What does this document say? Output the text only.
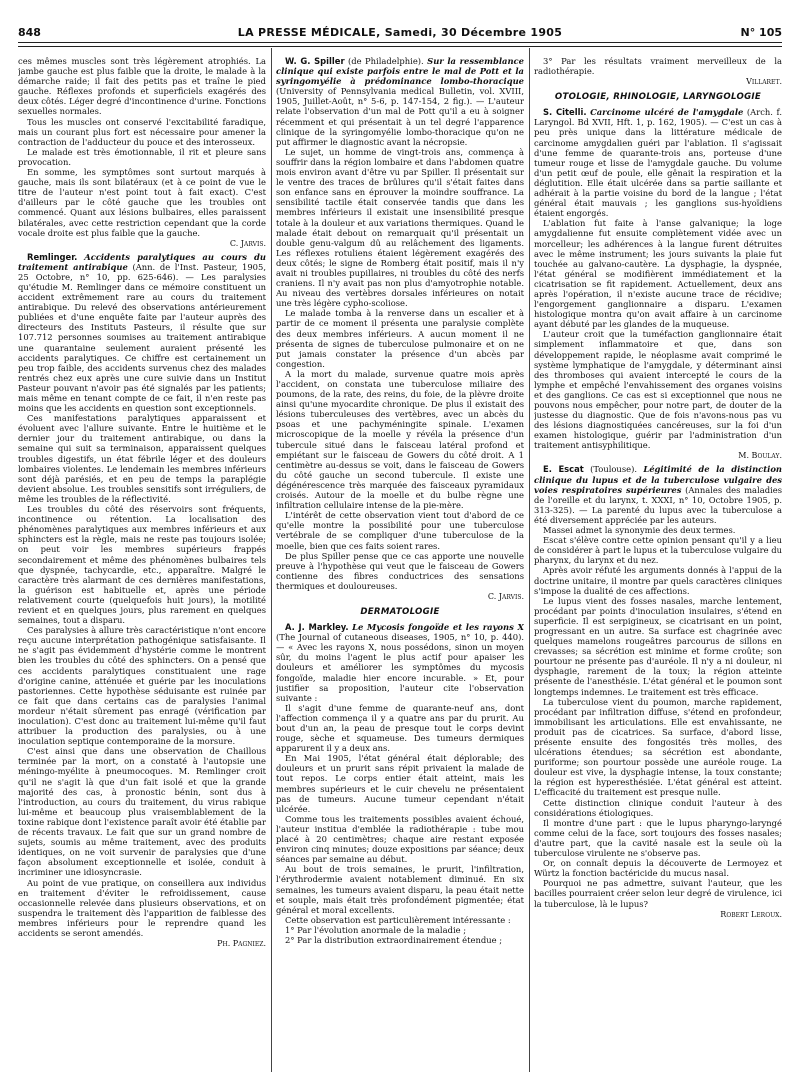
848	LA PRESSE MÉDICALE, Samedi, 30 Décembre 1905	N° 105

ces mêmes muscles sont très légèrement atrophiés. La jambe gauche est plus faible que la droite, le malade à la démarche raide; il fait des petits pas et traîne le pied gauche. Réflexes profonds et superficiels exagérés des deux côtés. Léger degré d'incontinence d'urine. Fonctions sexuelles normales.

Tous les muscles ont conservé l'excitabilité faradique, mais un courant plus fort est nécessaire pour amener la contraction de l'adducteur du pouce et des interosseux.

Le malade est très émotionnable, il rit et pleure sans provocation.

En somme, les symptômes sont surtout marqués à gauche, mais ils sont bilatéraux (et à ce point de vue le titre de l'auteur n'est point tout à fait exact). C'est d'ailleurs par le côté gauche que les troubles ont commencé. Quant aux lésions bulbaires, elles paraissent bilatérales, avec cette restriction cependant que la corde vocale droite est plus faible que la gauche.

C. Jarvis.

Remlinger. Accidents paralytiques au cours du traitement antirabique (Ann. de l'Inst. Pasteur, 1905, 25 Octobre, n° 10, pp. 625-646). — Les paralysies qu'étudie M. Remlinger dans ce mémoire constituent un accident extrêmement rare au cours du traitement antirabique. Du relevé des observations antérieurement publiées et d'une enquête faite par l'auteur auprès des directeurs des Instituts Pasteurs, il résulte que sur 107.712 personnes soumises au traitement antirabique une quarantaine seulement auraient présenté les accidents paralytiques. Ce chiffre est certainement un peu trop faible, des accidents survenus chez des malades rentrés chez eux après une cure suivie dans un Institut Pasteur pouvant n'avoir pas été signalés par les patients; mais même en tenant compte de ce fait, il n'en reste pas moins que les accidents en question sont exceptionnels.

Ces manifestations paralytiques apparaissent et évoluent avec l'allure suivante. Entre le huitième et le dernier jour du traitement antirabique, ou dans la semaine qui suit sa terminaison, apparaissent quelques troubles digestifs, un état fébrile léger et des douleurs lombaires violentes. Le lendemain les membres inférieurs sont déjà parésiés, et en peu de temps la paraplégie devient absolue. Les troubles sensitifs sont irréguliers, de même les troubles de la réflectivité.

Les troubles du côté des réservoirs sont fréquents, incontinence ou rétention. La localisation des phénomènes paralytiques aux membres inférieurs et aux sphincters est la règle, mais ne reste pas toujours isolée; on peut voir les membres supérieurs frappés secondairement et même des phénomènes bulbaires tels que dyspnée, tachycardie, etc., apparaître. Malgré le caractère très alarmant de ces dernières manifestations, la guérison est habituelle et, après une période relativement courte (quelquefois huit jours), la motilité revient et en quelques jours, plus rarement en quelques semaines, tout a disparu.

Ces paralysies à allure très caractéristique n'ont encore reçu aucune interprétation pathogénique satisfaisante. Il ne s'agit pas évidemment d'hystérie comme le montrent bien les troubles du côté des sphincters. On a pensé que ces accidents paralytiques constituaient une rage d'origine canine, atténuée et guérie par les inoculations pastoriennes. Cette hypothèse séduisante est ruinée par ce fait que dans certains cas de paralysies l'animal mordeur n'était sûrement pas enragé (vérification par inoculation). C'est donc au traitement lui-même qu'il faut attribuer la production des paralysies, ou à une inoculation septique contemporaine de la morsure.

C'est ainsi que dans une observation de Chaillous terminée par la mort, on a constaté à l'autopsie une méningo-myélite à pneumocoques. M. Remlinger croit qu'il ne s'agit là que d'un fait isolé et que la grande majorité des cas, à pronostic bénin, sont dus à l'introduction, au cours du traitement, du virus rabique lui-même et beaucoup plus vraisemblablement de la toxine rabique dont l'existence paraît avoir été établie par de récents travaux. Le fait que sur un grand nombre de sujets, soumis au même traitement, avec des produits identiques, on ne voit survenir de paralysies que d'une façon absolument exceptionnelle et isolée, conduit à incriminer une idiosyncrasie.

Au point de vue pratique, on conseillera aux individus en traitement d'éviter le refroidissement, cause occasionnelle relevée dans plusieurs observations, et on suspendra le traitement dès l'apparition de faiblesse des membres inférieurs pour le reprendre quand les accidents se seront amendés.

Ph. Pagniez.

W. G. Spiller (de Philadelphie). Sur la ressemblance clinique qui existe parfois entre le mal de Pott et la syringomyélie à prédominance lombo-thoracique (University of Pennsylvania medical Bulletin, vol. XVIII, 1905, Juillet-Août, n° 5-6, p. 147-154, 2 fig.). — L'auteur relate l'observation d'un mal de Pott qu'il a eu à soigner récemment et qui présentait à un tel degré l'apparence clinique de la syringomyélie lombo-thoracique qu'on ne put affirmer le diagnostic avant la nécropsie.

Le sujet, un homme de vingt-trois ans, commença à souffrir dans la région lombaire et dans l'abdomen quatre mois environ avant d'être vu par Spiller. Il présentait sur le ventre des traces de brûlures qu'il s'était faites dans son enfance sans en éprouver la moindre souffrance. La sensibilité tactile était conservée tandis que dans les membres inférieurs il existait une insensibilité presque totale à la douleur et aux variations thermiques. Quand le malade était debout on remarquait qu'il présentait un double genu-valgum dû au relâchement des ligaments. Les réflexes rotuliens étaient légèrement exagérés des deux côtés; le signe de Romberg était positif, mais il n'y avait ni troubles pupillaires, ni troubles du côté des nerfs craniens. Il n'y avait pas non plus d'amyotrophie notable. Au niveau des vertèbres dorsales inférieures on notait une très légère cypho-scoliose.

Le malade tomba à la renverse dans un escalier et à partir de ce moment il présenta une paralysie complète des deux membres inférieurs. A aucun moment il ne présenta de signes de tuberculose pulmonaire et on ne put jamais constater la présence d'un abcès par congestion.

A la mort du malade, survenue quatre mois après l'accident, on constata une tuberculose miliaire des poumons, de la rate, des reins, du foie, de la plèvre droite ainsi qu'une myocardite chronique. De plus il existait des lésions tuberculeuses des vertèbres, avec un abcès du psoas et une pachyméningite spinale. L'examen microscopique de la moelle y révéla la présence d'un tubercule situé dans le faisceau latéral profond et empiétant sur le faisceau de Gowers du côté droit. A 1 centimètre au-dessus se voit, dans le faisceau de Gowers du côté gauche un second tubercule. Il existe une dégénérescence très marquée des faisceaux pyramidaux croisés. Autour de la moelle et du bulbe règne une infiltration cellulaire intense de la pie-mère.

L'intérêt de cette observation vient tout d'abord de ce qu'elle montre la possibilité pour une tuberculose vertébrale de se compliquer d'une tuberculose de la moelle, bien que ces faits soient rares.

De plus Spiller pense que ce cas apporte une nouvelle preuve à l'hypothèse qui veut que le faisceau de Gowers contienne des fibres conductrices des sensations thermiques et douloureuses.

C. Jarvis.
DERMATOLOGIE

A. J. Markley. Le Mycosis fongoïde et les rayons X (The Journal of cutaneous diseases, 1905, n° 10, p. 440). — « Avec les rayons X, nous possédons, sinon un moyen sûr, du moins l'agent le plus actif pour apaiser les douleurs et améliorer les symptômes du mycosis fongoïde, maladie hier encore incurable. » Et, pour justifier sa proposition, l'auteur cite l'observation suivante :

Il s'agit d'une femme de quarante-neuf ans, dont l'affection commença il y a quatre ans par du prurit. Au bout d'un an, la peau de presque tout le corps devint rouge, sèche et squameuse. Des tumeurs dermiques apparurent il y a deux ans.

En Mai 1905, l'état général était déplorable; des douleurs et un prurit sans répit privaient la malade de tout repos. Le corps entier était atteint, mais les membres supérieurs et le cuir chevelu ne présentaient pas de tumeurs. Aucune tumeur cependant n'était ulcérée.

Comme tous les traitements possibles avaient échoué, l'auteur institua d'emblée la radiothérapie : tube mou placé à 20 centimètres; chaque aire restant exposée environ cinq minutes; douze expositions par séance; deux séances par semaine au début.

Au bout de trois semaines, le prurit, l'infiltration, l'érythrodermie avaient notablement diminué. En six semaines, les tumeurs avaient disparu, la peau était nette et souple, mais était très profondément pigmentée; état général et moral excellents.

Cette observation est particulièrement intéressante :

1° Par l'évolution anormale de la maladie ;

2° Par la distribution extraordinairement étendue ;

3° Par les résultats vraiment merveilleux de la radiothérapie.

Villaret.
OTOLOGIE, RHINOLOGIE, LARYNGOLOGIE

S. Citelli. Carcinome ulcéré de l'amygdale (Arch. f. Laryngol. Bd XVII, Hft. 1, p. 162, 1905). — C'est un cas à peu près unique dans la littérature médicale de carcinome amygdalien guéri par l'ablation. Il s'agissait d'une femme de quarante-trois ans, porteuse d'une tumeur rouge et lisse de l'amygdale gauche. Du volume d'un petit œuf de poule, elle gênait la respiration et la déglutition. Elle était ulcérée dans sa partie saillante et adhérait à la partie voisine du bord de la langue ; l'état général était mauvais ; les ganglions sus-hyoïdiens étaient engorgés.

L'ablation fut faite à l'anse galvanique; la loge amygdalienne fut ensuite complètement vidée avec un morcelleur; les adhérences à la langue furent détruites avec le même instrument; les jours suivants la plaie fut touchée au galvano-cautère. La dysphagie, la dyspnée, l'état général se modifièrent immédiatement et la cicatrisation se fit rapidement. Actuellement, deux ans après l'opération, il n'existe aucune trace de récidive; l'engorgement ganglionnaire a disparu. L'examen histologique montra qu'on avait affaire à un carcinome ayant débuté par les glandes de la muqueuse.

L'auteur croit que la tuméfaction ganglionnaire était simplement inflammatoire et que, dans son développement rapide, le néoplasme avait comprimé le système lymphatique de l'amygdale, y déterminant ainsi des thromboses qui avaient intercepté le cours de la lymphe et empêché l'envahissement des organes voisins et des ganglions. Ce cas est si exceptionnel que nous ne pouvons nous empêcher, pour notre part, de douter de la justesse du diagnostic. Que de fois n'avons-nous pas vu des lésions diagnostiquées cancéreuses, sur la foi d'un examen histologique, guérir par l'administration d'un traitement antisyphilitique.

M. Boulay.

E. Escat (Toulouse). Légitimité de la distinction clinique du lupus et de la tuberculose vulgaire des voies respiratoires supérieures (Annales des maladies de l'oreille et du larynx, t. XXXI, n° 10, Octobre 1905, p. 313-325). — La parenté du lupus avec la tuberculose a été diversement appréciée par les auteurs.

Massei admet la synonymie des deux termes.

Escat s'élève contre cette opinion pensant qu'il y a lieu de considérer à part le lupus et la tuberculose vulgaire du pharynx, du larynx et du nez.

Après avoir réfuté les arguments donnés à l'appui de la doctrine unitaire, il montre par quels caractères cliniques s'impose la dualité de ces affections.

Le lupus vient des fosses nasales, marche lentement, procédant par points d'inoculation insulaires, s'étend en superficie. Il est serpigineux, se cicatrisant en un point, progressant en un autre. Sa surface est chagrinée avec quelques mamelons rougeâtres parcourus de sillons en crevasses; sa sécrétion est minime et forme croûte; son pourtour ne présente pas d'auréole. Il n'y a ni douleur, ni dysphagie, rarement de la toux; la région atteinte présente de l'anesthésie. L'état général et le poumon sont longtemps indemnes. Le traitement est très efficace.

La tuberculose vient du poumon, marche rapidement, procédant par infiltration diffuse, s'étend en profondeur, immobilisant les articulations. Elle est envahissante, ne produit pas de cicatrices. Sa surface, d'abord lisse, présente ensuite des fongosités très molles, des ulcérations étendues; sa sécrétion est abondante, puriforme; son pourtour possède une auréole rouge. La douleur est vive, la dysphagie intense, la toux constante; la région est hyperesthésiée. L'état général est atteint. L'efficacité du traitement est presque nulle.

Cette distinction clinique conduit l'auteur à des considérations étiologiques.

Il montre d'une part : que le lupus pharyngo-laryngé comme celui de la face, sort toujours des fosses nasales; d'autre part, que la cavité nasale est la seule où la tuberculose virulente ne s'observe pas.

Or, on connaît depuis la découverte de Lermoyez et Würtz la fonction bactéricide du mucus nasal.

Pourquoi ne pas admettre, suivant l'auteur, que les bacilles pourraient créer selon leur degré de virulence, ici la tuberculose, là le lupus?

Robert Leroux.
